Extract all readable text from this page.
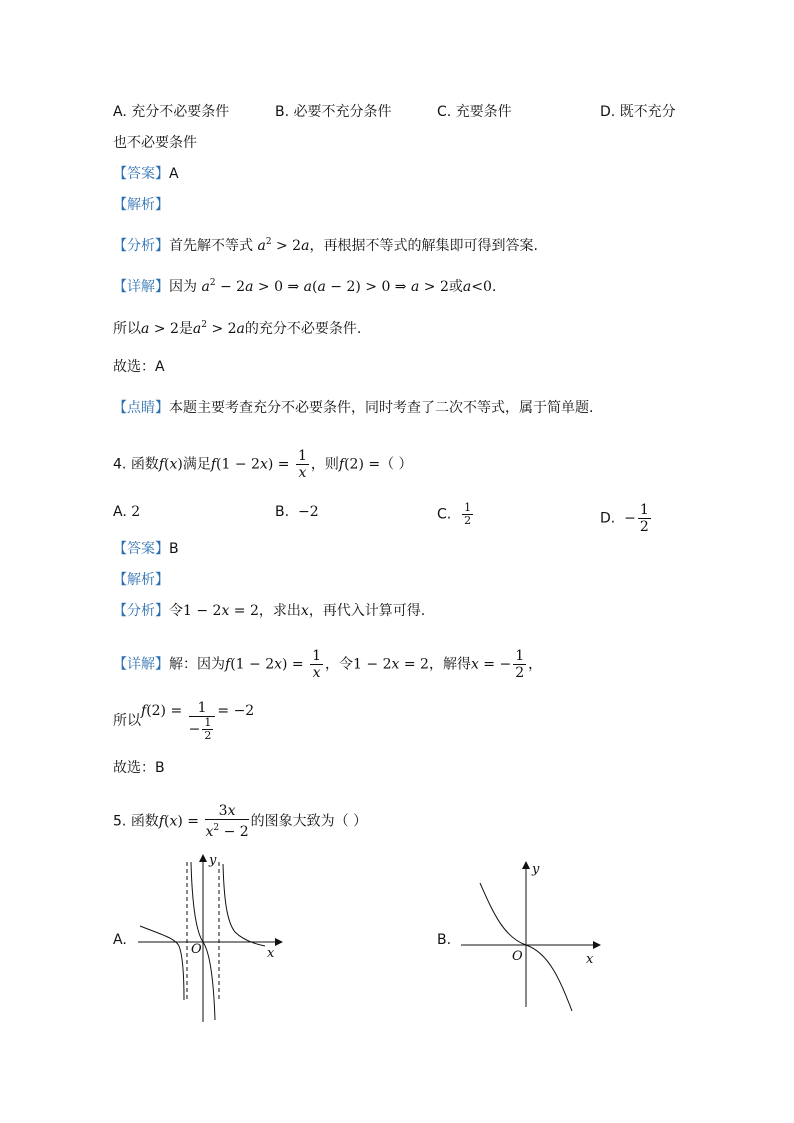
A. 充分不必要条件	B. 必要不充分条件	C. 充要条件	D. 既不充分
也不必要条件
【答案】A
【解析】
【分析】首先解不等式 $a^2 > 2a$，再根据不等式的解集即可得到答案.
【详解】因为 $a^2 - 2a > 0$ ⇒ a(a − 2) > 0 ⇒ a > 2或a<0.
所以a > 2是$a^2 > 2a$的充分不必要条件.
故选：A
【点睛】本题主要考查充分不必要条件，同时考查了二次不等式，属于简单题.
4. 函数f(x)满足$f(1 - 2x) = \frac{1}{x}$ ，则f(2) =（ ）
A. 2	B. −2	C. $\frac{1}{2}$	D. − $\frac{1}{2}$
【答案】B
【解析】
【分析】令1 − 2x = 2，求出x，再代入计算可得.
【详解】解：因为$f(1 - 2x) = \frac{1}{x}$ ，令1 − 2x = 2，解得x = − $\frac{1}{2}$ ，
所以$f(2) = \frac{1}{- \frac{1}{2}} = -2$
故选：B
5. 函数$f(x) = \frac{3x}{x^2 - 2}$ 的图象大致为（ ）
A.
O	x
y
B.
O	x
y
